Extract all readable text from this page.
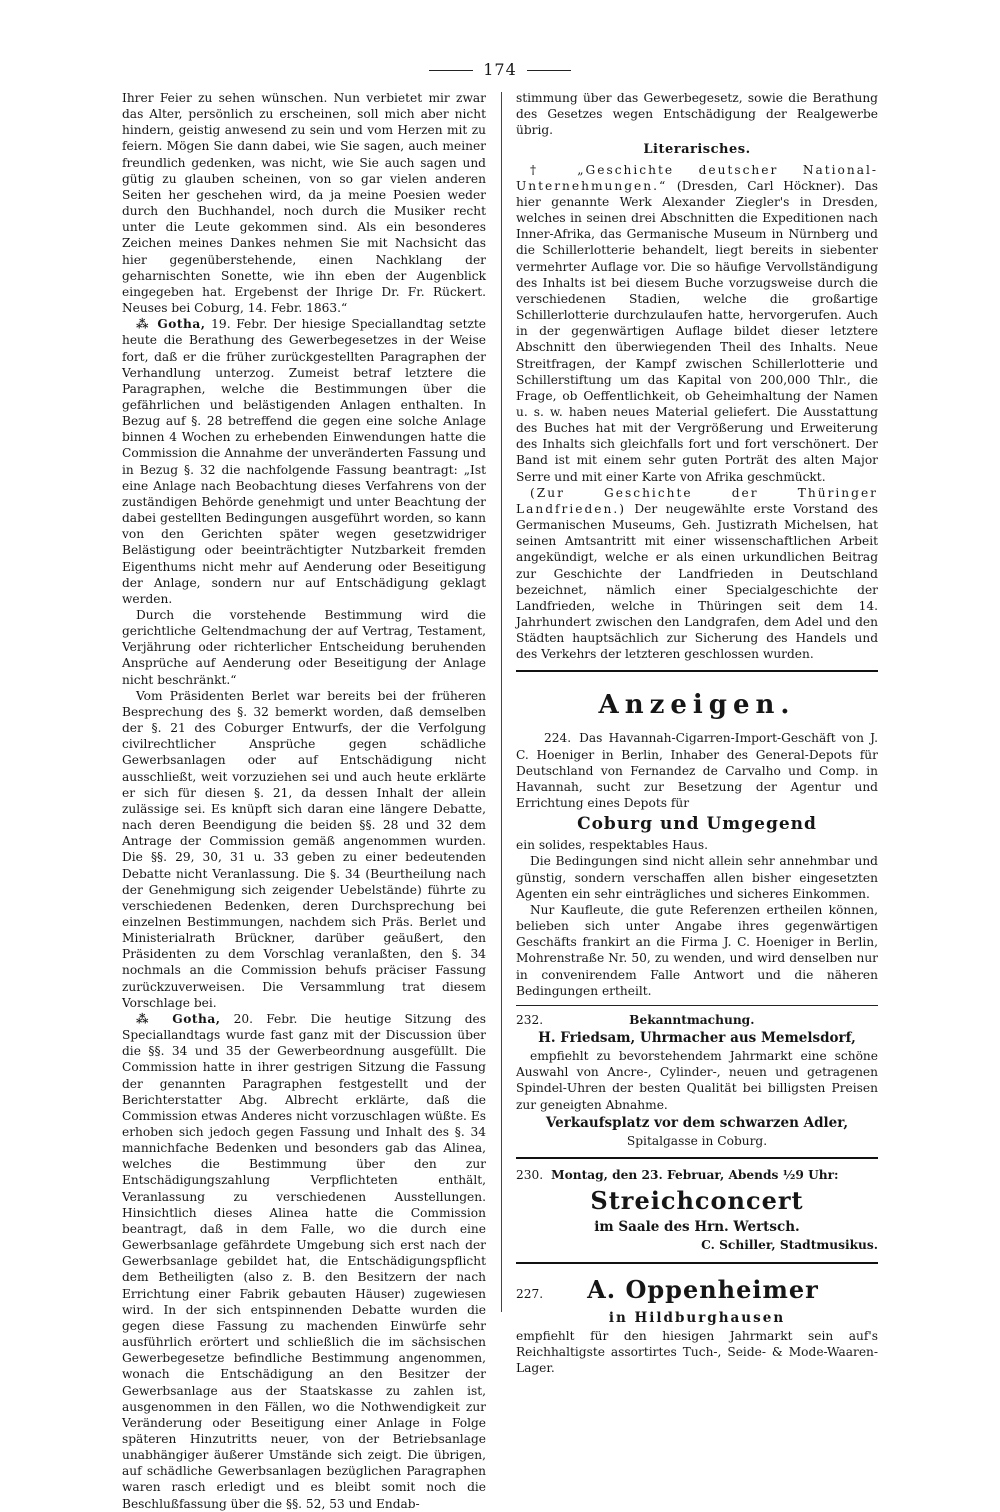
174

Ihrer Feier zu sehen wünschen. Nun verbietet mir zwar das Alter, persönlich zu erscheinen, soll mich aber nicht hindern, geistig anwesend zu sein und vom Herzen mit zu feiern. Mögen Sie dann dabei, wie Sie sagen, auch meiner freundlich gedenken, was nicht, wie Sie auch sagen und gütig zu glauben scheinen, von so gar vielen anderen Seiten her geschehen wird, da ja meine Poesien weder durch den Buchhandel, noch durch die Musiker recht unter die Leute gekommen sind. Als ein besonderes Zeichen meines Dankes nehmen Sie mit Nachsicht das hier gegenüberstehende, einen Nachklang der geharnischten Sonette, wie ihn eben der Augenblick eingegeben hat. Ergebenst der Ihrige Dr. Fr. Rückert. Neuses bei Coburg, 14. Febr. 1863.“

⁂ Gotha, 19. Febr. Der hiesige Speciallandtag setzte heute die Berathung des Gewerbegesetzes in der Weise fort, daß er die früher zurückgestellten Paragraphen der Verhandlung unterzog. Zumeist betraf letztere die Paragraphen, welche die Bestimmungen über die gefährlichen und belästigenden Anlagen enthalten. In Bezug auf §. 28 betreffend die gegen eine solche Anlage binnen 4 Wochen zu erhebenden Einwendungen hatte die Commission die Annahme der unveränderten Fassung und in Bezug §. 32 die nachfolgende Fassung beantragt: „Ist eine Anlage nach Beobachtung dieses Verfahrens von der zuständigen Behörde genehmigt und unter Beachtung der dabei gestellten Bedingungen ausgeführt worden, so kann von den Gerichten später wegen gesetzwidriger Belästigung oder beeinträchtigter Nutzbarkeit fremden Eigenthums nicht mehr auf Aenderung oder Beseitigung der Anlage, sondern nur auf Entschädigung geklagt werden.

Durch die vorstehende Bestimmung wird die gerichtliche Geltendmachung der auf Vertrag, Testament, Verjährung oder richterlicher Entscheidung beruhenden Ansprüche auf Aenderung oder Beseitigung der Anlage nicht beschränkt.“

Vom Präsidenten Berlet war bereits bei der früheren Besprechung des §. 32 bemerkt worden, daß demselben der §. 21 des Coburger Entwurfs, der die Verfolgung civilrechtlicher Ansprüche gegen schädliche Gewerbsanlagen oder auf Entschädigung nicht ausschließt, weit vorzuziehen sei und auch heute erklärte er sich für diesen §. 21, da dessen Inhalt der allein zulässige sei. Es knüpft sich daran eine längere Debatte, nach deren Beendigung die beiden §§. 28 und 32 dem Antrage der Commission gemäß angenommen wurden. Die §§. 29, 30, 31 u. 33 geben zu einer bedeutenden Debatte nicht Veranlassung. Die §. 34 (Beurtheilung nach der Genehmigung sich zeigender Uebelstände) führte zu verschiedenen Bedenken, deren Durchsprechung bei einzelnen Bestimmungen, nachdem sich Präs. Berlet und Ministerialrath Brückner, darüber geäußert, den Präsidenten zu dem Vorschlag veranlaßten, den §. 34 nochmals an die Commission behufs präciser Fassung zurückzuverweisen. Die Versammlung trat diesem Vorschlage bei.

⁂ Gotha, 20. Febr. Die heutige Sitzung des Speciallandtags wurde fast ganz mit der Discussion über die §§. 34 und 35 der Gewerbeordnung ausgefüllt. Die Commission hatte in ihrer gestrigen Sitzung die Fassung der genannten Paragraphen festgestellt und der Berichterstatter Abg. Albrecht erklärte, daß die Commission etwas Anderes nicht vorzuschlagen wüßte. Es erhoben sich jedoch gegen Fassung und Inhalt des §. 34 mannichfache Bedenken und besonders gab das Alinea, welches die Bestimmung über den zur Entschädigungszahlung Verpflichteten enthält, Veranlassung zu verschiedenen Ausstellungen. Hinsichtlich dieses Alinea hatte die Commission beantragt, daß in dem Falle, wo die durch eine Gewerbsanlage gefährdete Umgebung sich erst nach der Gewerbsanlage gebildet hat, die Entschädigungspflicht dem Betheiligten (also z. B. den Besitzern der nach Errichtung einer Fabrik gebauten Häuser) zugewiesen wird. In der sich entspinnenden Debatte wurden die gegen diese Fassung zu machenden Einwürfe sehr ausführlich erörtert und schließlich die im sächsischen Gewerbegesetze befindliche Bestimmung angenommen, wonach die Entschädigung an den Besitzer der Gewerbsanlage aus der Staatskasse zu zahlen ist, ausgenommen in den Fällen, wo die Nothwendigkeit zur Veränderung oder Beseitigung einer Anlage in Folge späteren Hinzutritts neuer, von der Betriebsanlage unabhängiger äußerer Umstände sich zeigt. Die übrigen, auf schädliche Gewerbsanlagen bezüglichen Paragraphen waren rasch erledigt und es bleibt somit noch die Beschlußfassung über die §§. 52, 53 und Endab-

stimmung über das Gewerbegesetz, sowie die Berathung des Gesetzes wegen Entschädigung der Realgewerbe übrig.

Literarisches.

† „Geschichte deutscher National-Unternehmungen.“ (Dresden, Carl Höckner). Das hier genannte Werk Alexander Ziegler's in Dresden, welches in seinen drei Abschnitten die Expeditionen nach Inner-Afrika, das Germanische Museum in Nürnberg und die Schillerlotterie behandelt, liegt bereits in siebenter vermehrter Auflage vor. Die so häufige Vervollständigung des Inhalts ist bei diesem Buche vorzugsweise durch die verschiedenen Stadien, welche die großartige Schillerlotterie durchzulaufen hatte, hervorgerufen. Auch in der gegenwärtigen Auflage bildet dieser letztere Abschnitt den überwiegenden Theil des Inhalts. Neue Streitfragen, der Kampf zwischen Schillerlotterie und Schillerstiftung um das Kapital von 200,000 Thlr., die Frage, ob Oeffentlichkeit, ob Geheimhaltung der Namen u. s. w. haben neues Material geliefert. Die Ausstattung des Buches hat mit der Vergrößerung und Erweiterung des Inhalts sich gleichfalls fort und fort verschönert. Der Band ist mit einem sehr guten Porträt des alten Major Serre und mit einer Karte von Afrika geschmückt.

(Zur Geschichte der Thüringer Landfrieden.) Der neugewählte erste Vorstand des Germanischen Museums, Geh. Justizrath Michelsen, hat seinen Amtsantritt mit einer wissenschaftlichen Arbeit angekündigt, welche er als einen urkundlichen Beitrag zur Geschichte der Landfrieden in Deutschland bezeichnet, nämlich einer Specialgeschichte der Landfrieden, welche in Thüringen seit dem 14. Jahrhundert zwischen den Landgrafen, dem Adel und den Städten hauptsächlich zur Sicherung des Handels und des Verkehrs der letzteren geschlossen wurden.

Anzeigen.

224. Das Havannah-Cigarren-Import-Geschäft von J. C. Hoeniger in Berlin, Inhaber des General-Depots für Deutschland von Fernandez de Carvalho und Comp. in Havannah, sucht zur Besetzung der Agentur und Errichtung eines Depots für

Coburg und Umgegend

ein solides, respektables Haus.

Die Bedingungen sind nicht allein sehr annehmbar und günstig, sondern verschaffen allen bisher eingesetzten Agenten ein sehr einträgliches und sicheres Einkommen.

Nur Kaufleute, die gute Referenzen ertheilen können, belieben sich unter Angabe ihres gegenwärtigen Geschäfts frankirt an die Firma J. C. Hoeniger in Berlin, Mohrenstraße Nr. 50, zu wenden, und wird denselben nur in convenirendem Falle Antwort und die näheren Bedingungen ertheilt.

232.	Bekanntmachung.
H. Friedsam, Uhrmacher aus Memelsdorf,

empfiehlt zu bevorstehendem Jahrmarkt eine schöne Auswahl von Ancre-, Cylinder-, neuen und getragenen Spindel-Uhren der besten Qualität bei billigsten Preisen zur geneigten Abnahme.

Verkaufsplatz vor dem schwarzen Adler,
Spitalgasse in Coburg.
230. Montag, den 23. Februar, Abends ½9 Uhr:
Streichconcert
im Saale des Hrn. Wertsch.
C. Schiller, Stadtmusikus.
227. A. Oppenheimer
in Hildburghausen

empfiehlt für den hiesigen Jahrmarkt sein auf's Reichhaltigste assortirtes Tuch-, Seide- & Mode-Waaren-Lager.
